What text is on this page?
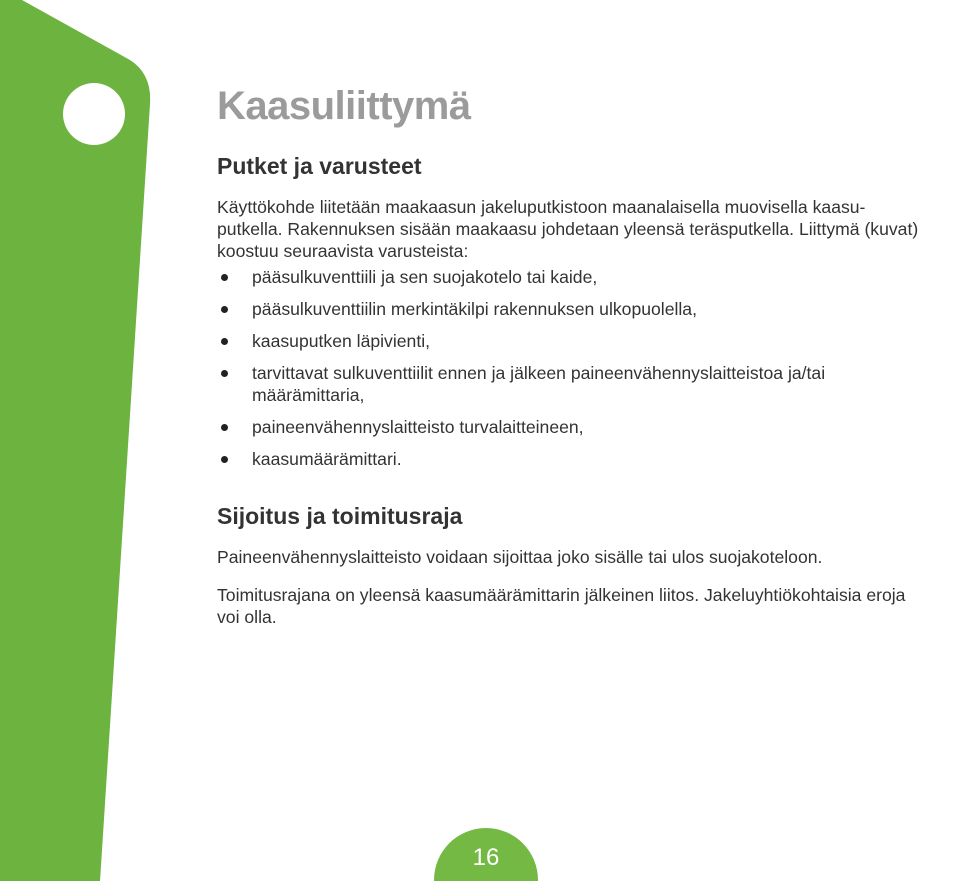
Kaasuliittymä
Putket ja varusteet

Käyttökohde liitetään maakaasun jakeluputkistoon maanalaisella muovisella kaasu-

putkella. Rakennuksen sisään maakaasu johdetaan yleensä teräsputkella. Liittymä (kuvat)

koostuu seuraavista varusteista:

pääsulkuventtiili ja sen suojakotelo tai kaide,
pääsulkuventtiilin merkintäkilpi rakennuksen ulkopuolella,
kaasuputken läpivienti,
tarvittavat sulkuventtiilit ennen ja jälkeen paineenvähennyslaitteistoa ja/tai
määrämittaria,
paineenvähennyslaitteisto turvalaitteineen,
kaasumäärämittari.
Sijoitus ja toimitusraja

Paineenvähennyslaitteisto voidaan sijoittaa joko sisälle tai ulos suojakoteloon.

Toimitusrajana on yleensä kaasumäärämittarin jälkeinen liitos. Jakeluyhtiökohtaisia eroja

voi olla.

16
